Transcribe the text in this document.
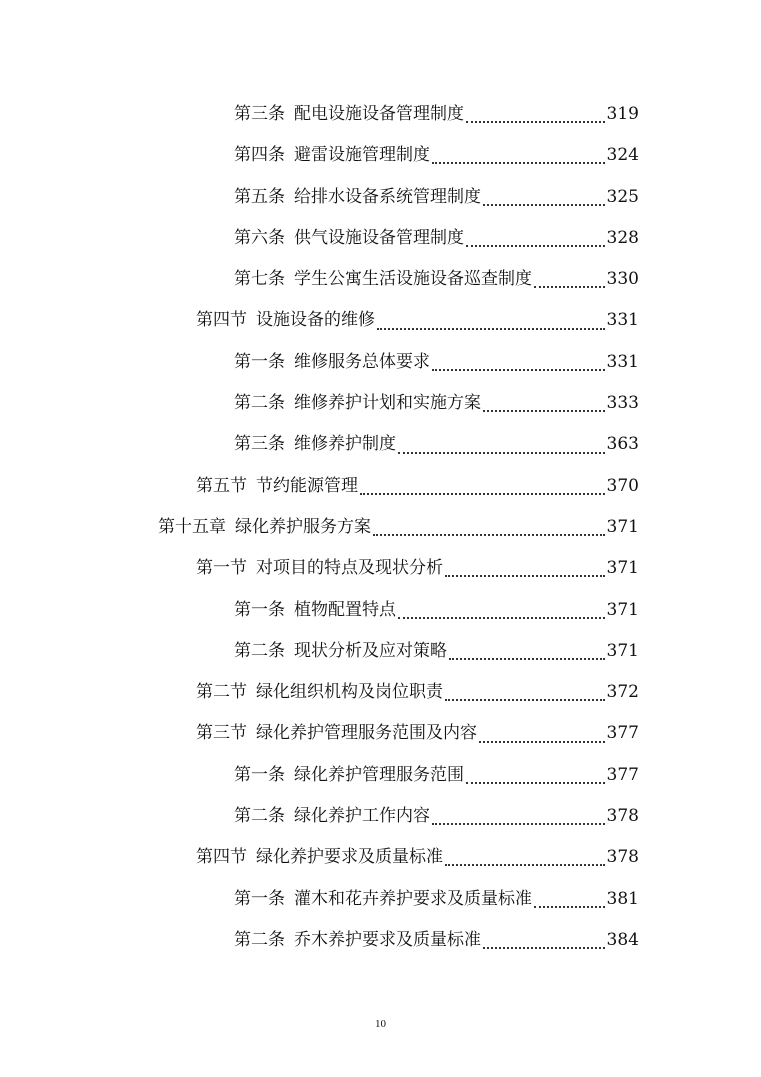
第三条 配电设施设备管理制度	319
第四条 避雷设施管理制度	324
第五条 给排水设备系统管理制度	325
第六条 供气设施设备管理制度	328
第七条 学生公寓生活设施设备巡查制度	330
第四节 设施设备的维修	331
第一条 维修服务总体要求	331
第二条 维修养护计划和实施方案	333
第三条 维修养护制度	363
第五节 节约能源管理	370
第十五章 绿化养护服务方案	371
第一节 对项目的特点及现状分析	371
第一条 植物配置特点	371
第二条 现状分析及应对策略	371
第二节 绿化组织机构及岗位职责	372
第三节 绿化养护管理服务范围及内容	377
第一条 绿化养护管理服务范围	377
第二条 绿化养护工作内容	378
第四节 绿化养护要求及质量标准	378
第一条 灌木和花卉养护要求及质量标准	381
第二条 乔木养护要求及质量标准	384
10
